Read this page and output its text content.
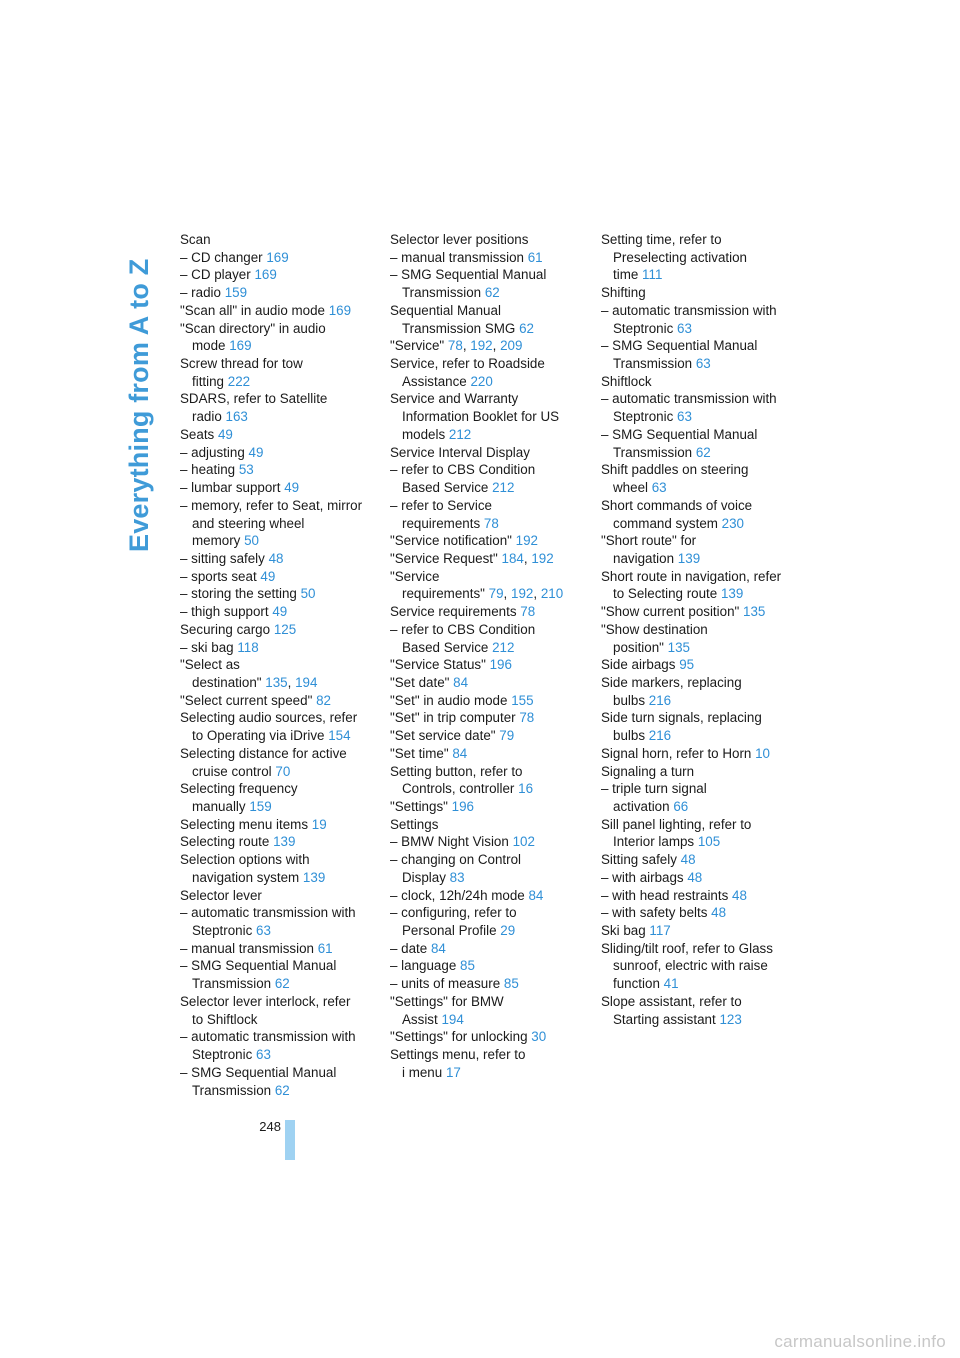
Everything from A to Z
Scan
– CD changer 169
– CD player 169
– radio 159
"Scan all" in audio mode 169
"Scan directory" in audio
mode 169
Screw thread for tow
fitting 222
SDARS, refer to Satellite
radio 163
Seats 49
– adjusting 49
– heating 53
– lumbar support 49
– memory, refer to Seat, mirror
and steering wheel
memory 50
– sitting safely 48
– sports seat 49
– storing the setting 50
– thigh support 49
Securing cargo 125
– ski bag 118
"Select as
destination" 135, 194
"Select current speed" 82
Selecting audio sources, refer
to Operating via iDrive 154
Selecting distance for active
cruise control 70
Selecting frequency
manually 159
Selecting menu items 19
Selecting route 139
Selection options with
navigation system 139
Selector lever
– automatic transmission with
Steptronic 63
– manual transmission 61
– SMG Sequential Manual
Transmission 62
Selector lever interlock, refer
to Shiftlock
– automatic transmission with
Steptronic 63
– SMG Sequential Manual
Transmission 62
Selector lever positions
– manual transmission 61
– SMG Sequential Manual
Transmission 62
Sequential Manual
Transmission SMG 62
"Service" 78, 192, 209
Service, refer to Roadside
Assistance 220
Service and Warranty
Information Booklet for US
models 212
Service Interval Display
– refer to CBS Condition
Based Service 212
– refer to Service
requirements 78
"Service notification" 192
"Service Request" 184, 192
"Service
requirements" 79, 192, 210
Service requirements 78
– refer to CBS Condition
Based Service 212
"Service Status" 196
"Set date" 84
"Set" in audio mode 155
"Set" in trip computer 78
"Set service date" 79
"Set time" 84
Setting button, refer to
Controls, controller 16
"Settings" 196
Settings
– BMW Night Vision 102
– changing on Control
Display 83
– clock, 12h/24h mode 84
– configuring, refer to
Personal Profile 29
– date 84
– language 85
– units of measure 85
"Settings" for BMW
Assist 194
"Settings" for unlocking 30
Settings menu, refer to
i menu 17
Setting time, refer to
Preselecting activation
time 111
Shifting
– automatic transmission with
Steptronic 63
– SMG Sequential Manual
Transmission 63
Shiftlock
– automatic transmission with
Steptronic 63
– SMG Sequential Manual
Transmission 62
Shift paddles on steering
wheel 63
Short commands of voice
command system 230
"Short route" for
navigation 139
Short route in navigation, refer
to Selecting route 139
"Show current position" 135
"Show destination
position" 135
Side airbags 95
Side markers, replacing
bulbs 216
Side turn signals, replacing
bulbs 216
Signal horn, refer to Horn 10
Signaling a turn
– triple turn signal
activation 66
Sill panel lighting, refer to
Interior lamps 105
Sitting safely 48
– with airbags 48
– with head restraints 48
– with safety belts 48
Ski bag 117
Sliding/tilt roof, refer to Glass
sunroof, electric with raise
function 41
Slope assistant, refer to
Starting assistant 123
248
carmanualsonline.info
